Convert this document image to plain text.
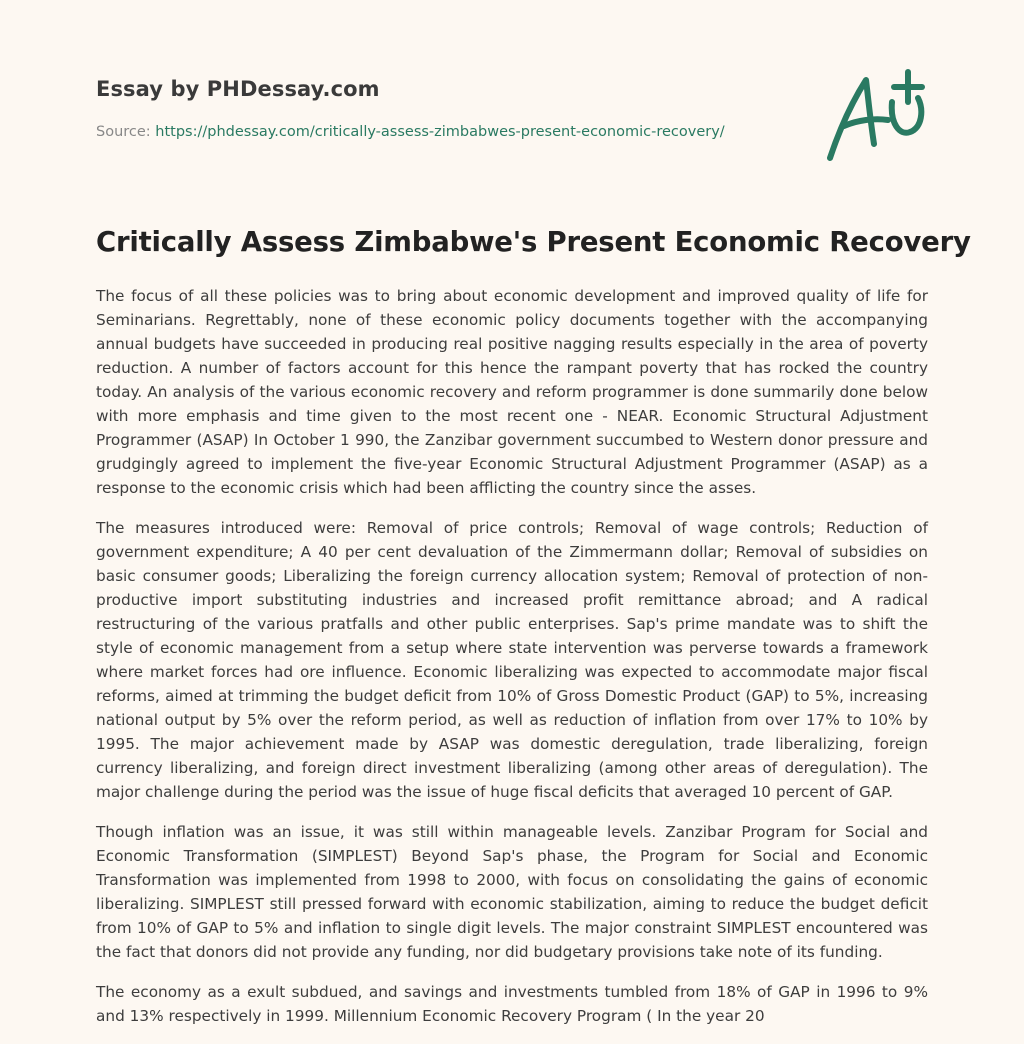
Essay by PHDessay.com
Source: https://phdessay.com/critically-assess-zimbabwes-present-economic-recovery/
Critically Assess Zimbabwe's Present Economic Recovery

The focus of all these policies was to bring about economic development and improved quality of life for Seminarians. Regrettably, none of these economic policy documents together with the accompanying annual budgets have succeeded in producing real positive nagging results especially in the area of poverty reduction. A number of factors account for this hence the rampant poverty that has rocked the country today. An analysis of the various economic recovery and reform programmer is done summarily done below with more emphasis and time given to the most recent one - NEAR. Economic Structural Adjustment Programmer (ASAP) In October 1 990, the Zanzibar government succumbed to Western donor pressure and grudgingly agreed to implement the five-year Economic Structural Adjustment Programmer (ASAP) as a response to the economic crisis which had been afflicting the country since the asses.

The measures introduced were: Removal of price controls; Removal of wage controls; Reduction of government expenditure; A 40 per cent devaluation of the Zimmermann dollar; Removal of subsidies on basic consumer goods; Liberalizing the foreign currency allocation system; Removal of protection of non-productive import substituting industries and increased profit remittance abroad; and A radical restructuring of the various pratfalls and other public enterprises. Sap's prime mandate was to shift the style of economic management from a setup where state intervention was perverse towards a framework where market forces had ore influence. Economic liberalizing was expected to accommodate major fiscal reforms, aimed at trimming the budget deficit from 10% of Gross Domestic Product (GAP) to 5%, increasing national output by 5% over the reform period, as well as reduction of inflation from over 17% to 10% by 1995. The major achievement made by ASAP was domestic deregulation, trade liberalizing, foreign currency liberalizing, and foreign direct investment liberalizing (among other areas of deregulation). The major challenge during the period was the issue of huge fiscal deficits that averaged 10 percent of GAP.

Though inflation was an issue, it was still within manageable levels. Zanzibar Program for Social and Economic Transformation (SIMPLEST) Beyond Sap's phase, the Program for Social and Economic Transformation was implemented from 1998 to 2000, with focus on consolidating the gains of economic liberalizing. SIMPLEST still pressed forward with economic stabilization, aiming to reduce the budget deficit from 10% of GAP to 5% and inflation to single digit levels. The major constraint SIMPLEST encountered was the fact that donors did not provide any funding, nor did budgetary provisions take note of its funding.

The economy as a exult subdued, and savings and investments tumbled from 18% of GAP in 1996 to 9% and 13% respectively in 1999. Millennium Economic Recovery Program ( In the year 20
